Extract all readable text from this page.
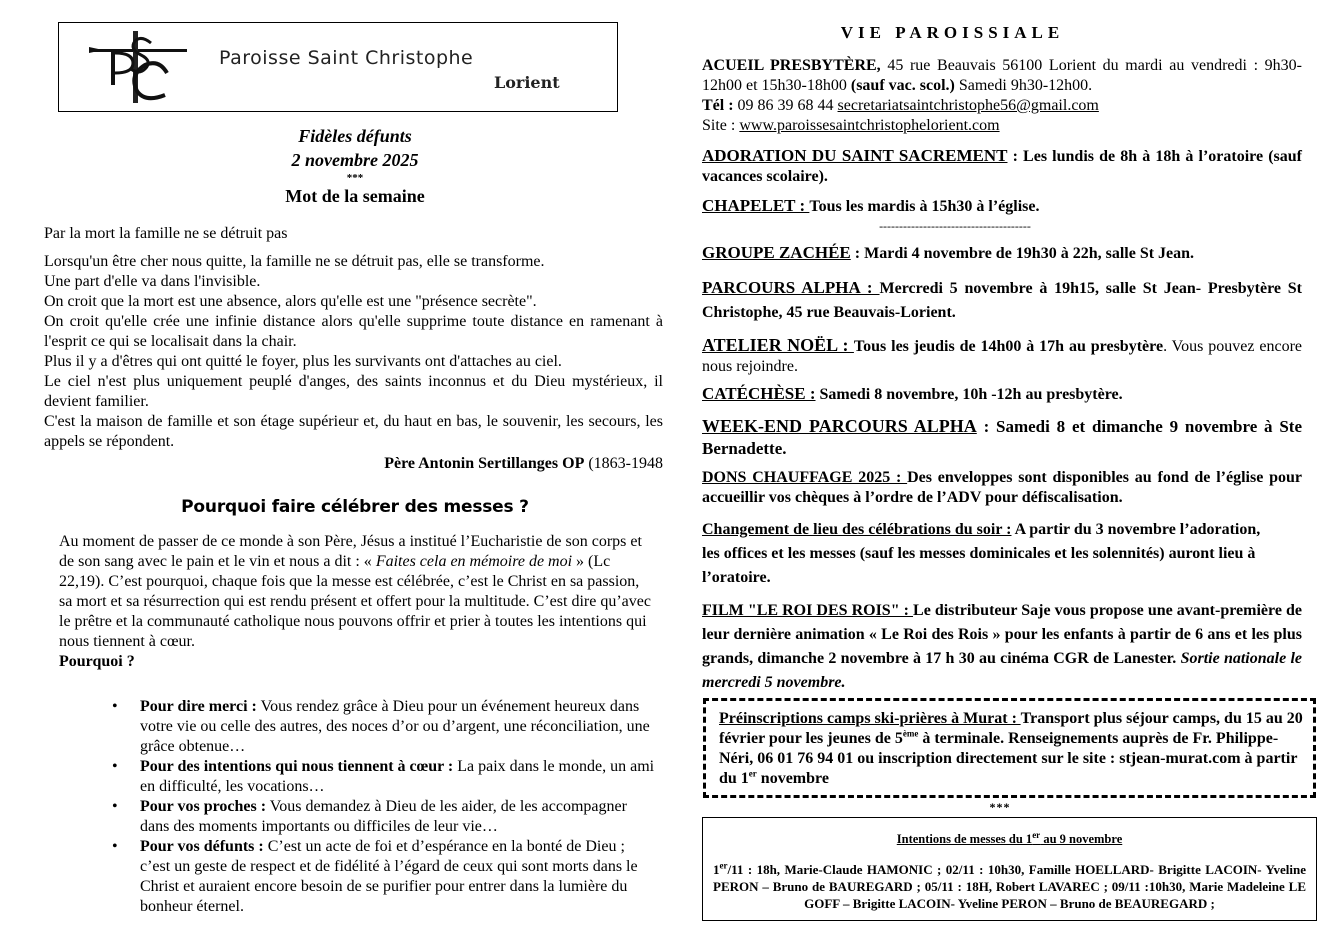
Paroisse Saint Christophe
Lorient
Fidèles défunts
2 novembre 2025
***
Mot de la semaine

Par la mort la famille ne se détruit pas

Lorsqu'un être cher nous quitte, la famille ne se détruit pas, elle se transforme.

Une part d'elle va dans l'invisible.

On croit que la mort est une absence, alors qu'elle est une "présence secrète".

On croit qu'elle crée une infinie distance alors qu'elle supprime toute distance en ramenant à l'esprit ce qui se localisait dans la chair.

Plus il y a d'êtres qui ont quitté le foyer, plus les survivants ont d'attaches au ciel.

Le ciel n'est plus uniquement peuplé d'anges, des saints inconnus et du Dieu mystérieux, il devient familier.

C'est la maison de famille et son étage supérieur et, du haut en bas, le souvenir, les secours, les appels se répondent.

Père Antonin Sertillanges OP (1863-1948

Pourquoi faire célébrer des messes ?

Au moment de passer de ce monde à son Père, Jésus a institué l’Eucharistie de son corps et de son sang avec le pain et le vin et nous a dit : « Faites cela en mémoire de moi » (Lc 22,19). C’est pourquoi, chaque fois que la messe est célébrée, c’est le Christ en sa passion, sa mort et sa résurrection qui est rendu présent et offert pour la multitude. C’est dire qu’avec le prêtre et la communauté catholique nous pouvons offrir et prier à toutes les intentions qui nous tiennent à cœur.

Pourquoi ?

• Pour dire merci : Vous rendez grâce à Dieu pour un événement heureux dans votre vie ou celle des autres, des noces d’or ou d’argent, une réconciliation, une grâce obtenue…
• Pour des intentions qui nous tiennent à cœur : La paix dans le monde, un ami en difficulté, les vocations…
• Pour vos proches : Vous demandez à Dieu de les aider, de les accompagner dans des moments importants ou difficiles de leur vie…
• Pour vos défunts : C’est un acte de foi et d’espérance en la bonté de Dieu ; c’est un geste de respect et de fidélité à l’égard de ceux qui sont morts dans le Christ et auraient encore besoin de se purifier pour entrer dans la lumière du bonheur éternel.
VIE PAROISSIALE

ACUEIL PRESBYTÈRE, 45 rue Beauvais 56100 Lorient du mardi au vendredi : 9h30-12h00 et 15h30-18h00 (sauf vac. scol.) Samedi 9h30-12h00.

Tél : 09 86 39 68 44 secretariatsaintchristophe56@gmail.com

Site : www.paroissesaintchristophelorient.com

ADORATION DU SAINT SACREMENT : Les lundis de 8h à 18h à l’oratoire (sauf vacances scolaire).

CHAPELET : Tous les mardis à 15h30 à l’église.

--------------------------------------

GROUPE ZACHÉE : Mardi 4 novembre de 19h30 à 22h, salle St Jean.

PARCOURS ALPHA : Mercredi 5 novembre à 19h15, salle St Jean- Presbytère St Christophe, 45 rue Beauvais-Lorient.

ATELIER NOËL : Tous les jeudis de 14h00 à 17h au presbytère. Vous pouvez encore nous rejoindre.

CATÉCHÈSE : Samedi 8 novembre, 10h -12h au presbytère.

WEEK-END PARCOURS ALPHA : Samedi 8 et dimanche 9 novembre à Ste Bernadette.

DONS CHAUFFAGE 2025 : Des enveloppes sont disponibles au fond de l’église pour accueillir vos chèques à l’ordre de l’ADV pour défiscalisation.

Changement de lieu des célébrations du soir : A partir du 3 novembre l’adoration, les offices et les messes (sauf les messes dominicales et les solennités) auront lieu à l’oratoire.

FILM "LE ROI DES ROIS" : Le distributeur Saje vous propose une avant-première de leur dernière animation « Le Roi des Rois » pour les enfants à partir de 6 ans et les plus grands, dimanche 2 novembre à 17 h 30 au cinéma CGR de Lanester. Sortie nationale le mercredi 5 novembre.

Préinscriptions camps ski-prières à Murat : Transport plus séjour camps, du 15 au 20 février pour les jeunes de 5ème à terminale. Renseignements auprès de Fr. Philippe-Néri, 06 01 76 94 01 ou inscription directement sur le site : stjean-murat.com à partir du 1er novembre
***
Intentions de messes du 1er au 9 novembre
1er/11 : 18h, Marie-Claude HAMONIC ; 02/11 : 10h30, Famille HOELLARD- Brigitte LACOIN- Yveline PERON – Bruno de BAUREGARD ; 05/11 : 18H, Robert LAVAREC ; 09/11 :10h30, Marie Madeleine LE GOFF – Brigitte LACOIN- Yveline PERON – Bruno de BEAUREGARD ;
